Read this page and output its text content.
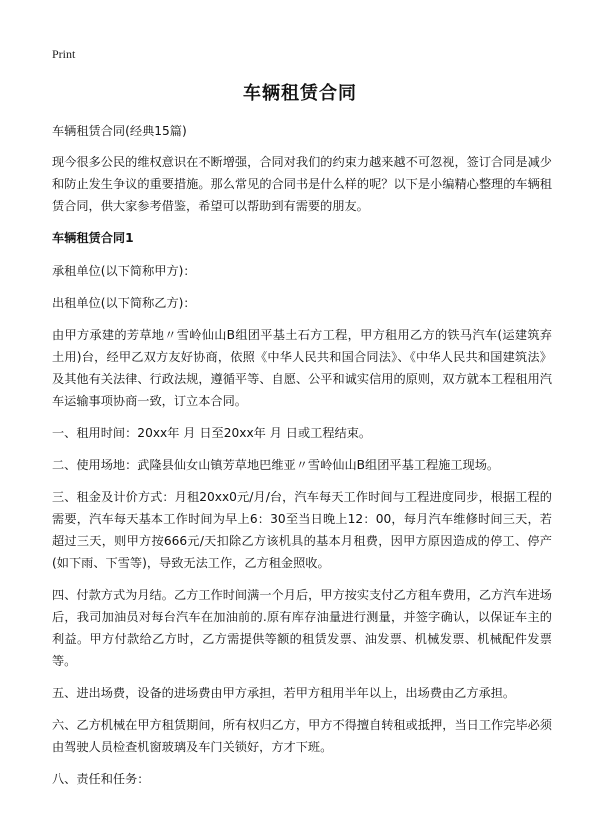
Print
车辆租赁合同

车辆租赁合同(经典15篇)

现今很多公民的维权意识在不断增强，合同对我们的约束力越来越不可忽视，签订合同是减少和防止发生争议的重要措施。那么常见的合同书是什么样的呢？以下是小编精心整理的车辆租赁合同，供大家参考借鉴，希望可以帮助到有需要的朋友。

车辆租赁合同1

承租单位(以下简称甲方)：

出租单位(以下简称乙方)：

由甲方承建的芳草地〃雪岭仙山B组团平基土石方工程，甲方租用乙方的铁马汽车(运建筑弃土用)台，经甲乙双方友好协商，依照《中华人民共和国合同法》、《中华人民共和国建筑法》及其他有关法律、行政法规，遵循平等、自愿、公平和诚实信用的原则，双方就本工程租用汽车运输事项协商一致，订立本合同。

一、租用时间：20xx年 月 日至20xx年 月 日或工程结束。

二、使用场地：武隆县仙女山镇芳草地巴维亚〃雪岭仙山B组团平基工程施工现场。

三、租金及计价方式：月租20xx0元/月/台，汽车每天工作时间与工程进度同步，根据工程的需要，汽车每天基本工作时间为早上6：30至当日晚上12：00，每月汽车维修时间三天，若超过三天，则甲方按666元/天扣除乙方该机具的基本月租费，因甲方原因造成的停工、停产(如下雨、下雪等)，导致无法工作，乙方租金照收。

四、付款方式为月结。乙方工作时间满一个月后，甲方按实支付乙方租车费用，乙方汽车进场后，我司加油员对每台汽车在加油前的.原有库存油量进行测量，并签字确认，以保证车主的利益。甲方付款给乙方时，乙方需提供等额的租赁发票、油发票、机械发票、机械配件发票等。

五、进出场费，设备的进场费由甲方承担，若甲方租用半年以上，出场费由乙方承担。

六、乙方机械在甲方租赁期间，所有权归乙方，甲方不得擅自转租或抵押，当日工作完毕必须由驾驶人员检查机窗玻璃及车门关锁好，方才下班。

八、责任和任务：
